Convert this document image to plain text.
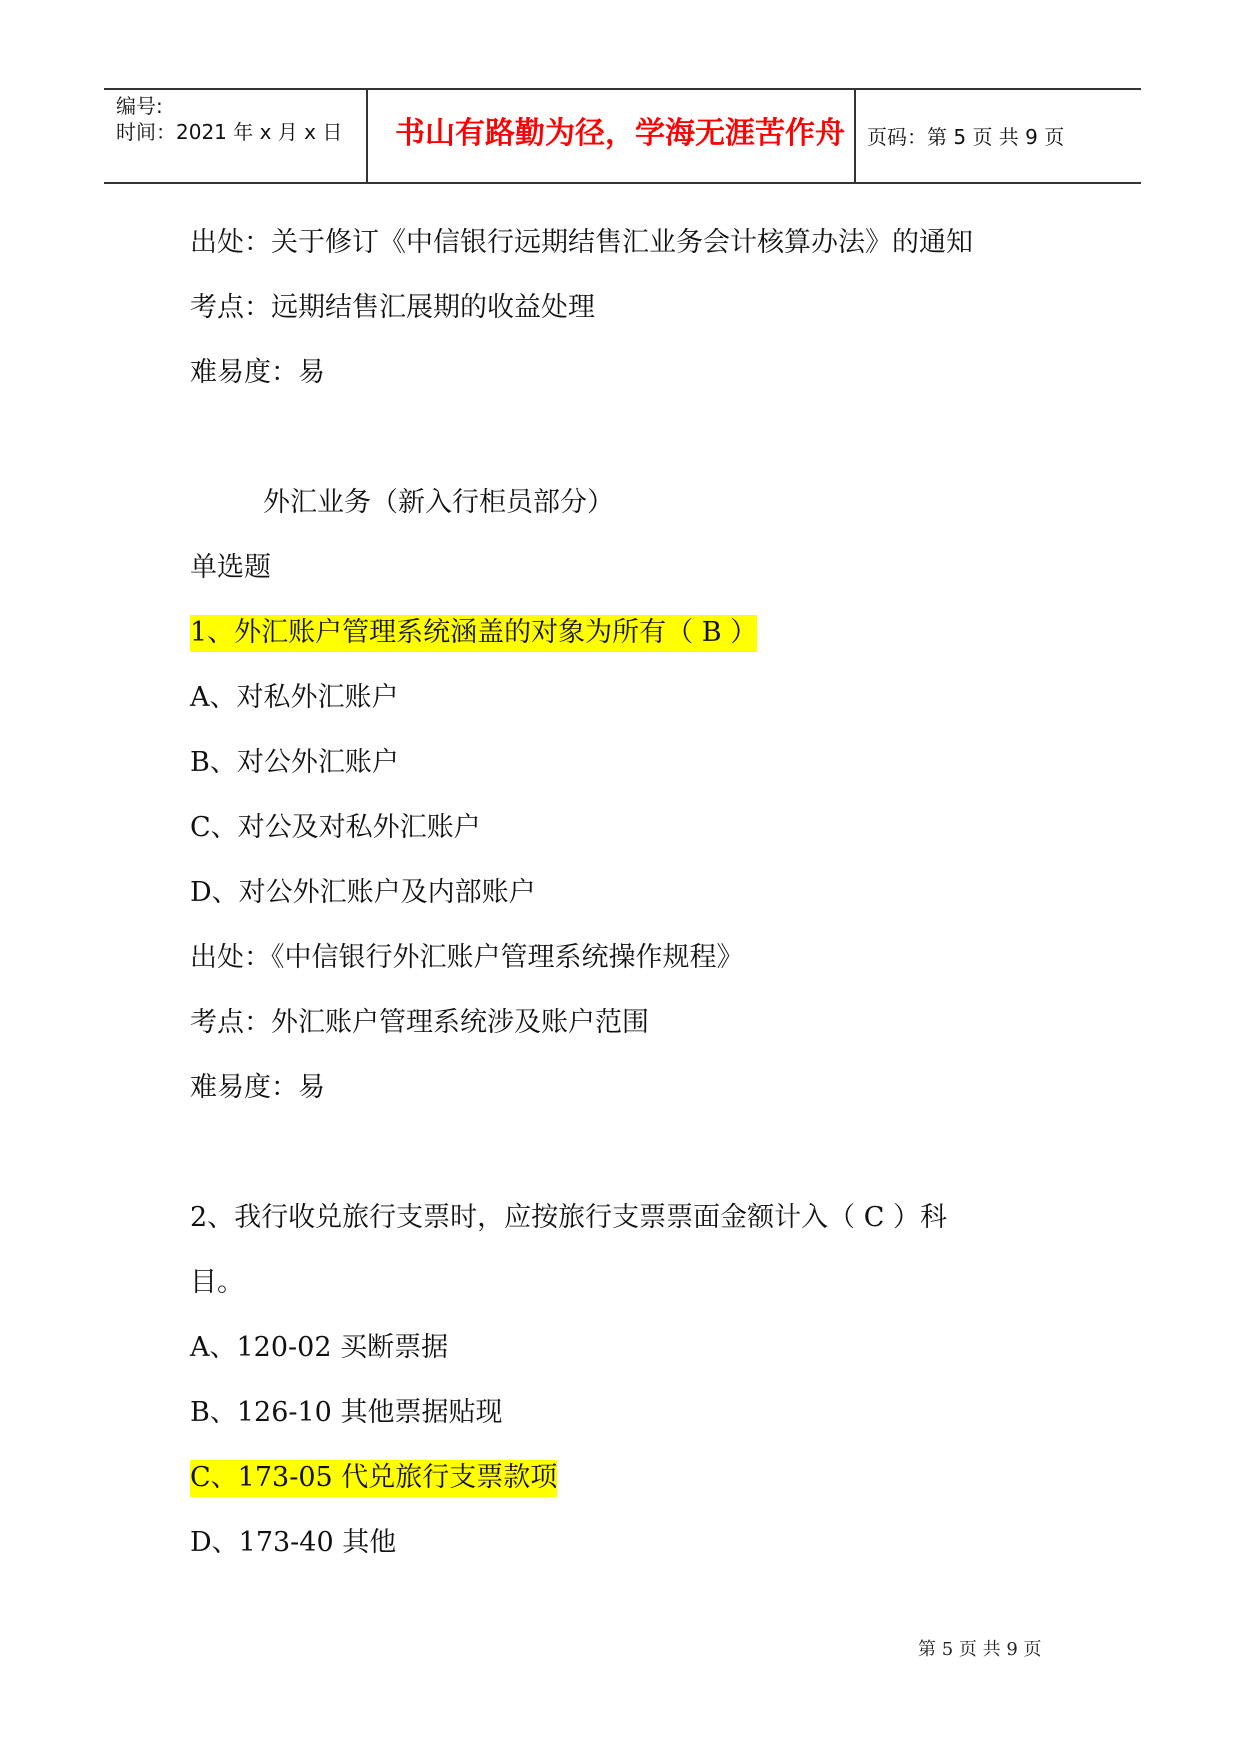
编号:
时间：2021 年 x 月 x 日 书山有路勤为径，学海无涯苦作舟 页码：第 5 页 共 9 页
出处：关于修订《中信银行远期结售汇业务会计核算办法》的通知
考点：远期结售汇展期的收益处理
难易度：易
外汇业务（新入行柜员部分）
单选题
1、外汇账户管理系统涵盖的对象为所有（ B ）
A、对私外汇账户
B、对公外汇账户
C、对公及对私外汇账户
D、对公外汇账户及内部账户
出处：《中信银行外汇账户管理系统操作规程》
考点：外汇账户管理系统涉及账户范围
难易度：易
2、我行收兑旅行支票时，应按旅行支票票面金额计入（ C ）科
目。
A、120-02 买断票据
B、126-10 其他票据贴现
C、173-05 代兑旅行支票款项
D、173-40 其他
第 5 页 共 9 页
